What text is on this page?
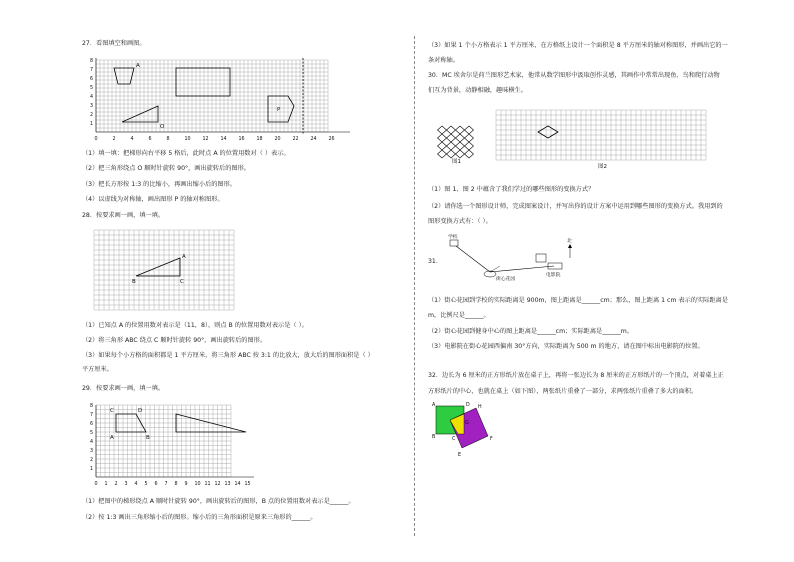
27．看图填空和画图。
1
2
3
4
5
6
7
8
0	2	4	6	8	10 12 14 16 18 20 22 24 26
A
O
P
（1）填一填：把梯形向右平移 5 格后，此时点 A 的位置用数对（ ）表示。
（2）把三角形绕点 O 顺时针旋转 90°，画出旋转后的图形。
（3）把长方形按 1:3 的比缩小，再画出缩小后的图形。
（4）以虚线为对称轴，画出图形 P 的轴对称图形。
28．按要求画一画，填一填。
A
B	C
（1）已知点 A 的位置用数对表示是（11，8），则点 B 的位置用数对表示是（ ）。
（2）将三角形 ABC 绕点 C 顺时针旋转 90°，画出旋转后的图形。
（3）如果每个小方格的面积都是 1 平方厘米，将三角形 ABC 按 3:1 的比放大，放大后的图形面积是（ ）
平方厘米。
29．按要求画一画，填一填。
1
2
3
4
5
6
7
8
0 1 2 3 4 5 6 7 8 9 10 11 12 13 14 15
C	D
A	B
（1）把图中的梯形绕点 A 顺时针旋转 90°，画出旋转后的图形，B 点的位置用数对表示是______。
（2）按 1:3 画出三角形缩小后的图形。缩小后的三角形面积是原来三角形的______。
（3）如果 1 个小方格表示 1 平方厘米，在方格纸上设计一个面积是 8 平方厘米的轴对称图形，并画出它的一
条对称轴。
30．MC 埃舍尔是荷兰图形艺术家，他常从数学图形中汲取创作灵感，其画作中常常出现鱼、鸟和爬行动物
们互为背景，动静相融，趣味横生。
图1
图2
（1）图 1、图 2 中蕴含了我们学过的哪些图形的变换方式？
（2）请你选一个图形设计师，完成图案设计，并写出你的设计方案中运用到哪些图形的变换方式。我用到的
图形变换方式有：（ ）。
31．
学校
街心花园
电影院
北
（1）街心花园到学校的实际距离是 900m，图上距离是______cm；那么，图上距离 1 cm 表示的实际距离是
m，比例尺是______。
（2）街心花园到健身中心的图上距离是______cm；实际距离是______m。
（3）电影院在街心花园西偏南 30°方向，实际距离为 500 m 的地方，请在图中标出电影院的位置。
32．边长为 6 厘米的正方形纸片放在桌子上，再将一张边长为 8 厘米的正方形纸片的一个顶点，对着桌上正
方形纸片的中心，也就在桌上（如下图），两张纸片重叠了一部分，求两张纸片重叠了多大的面积。
A
B	C
D
E
F
H
G
